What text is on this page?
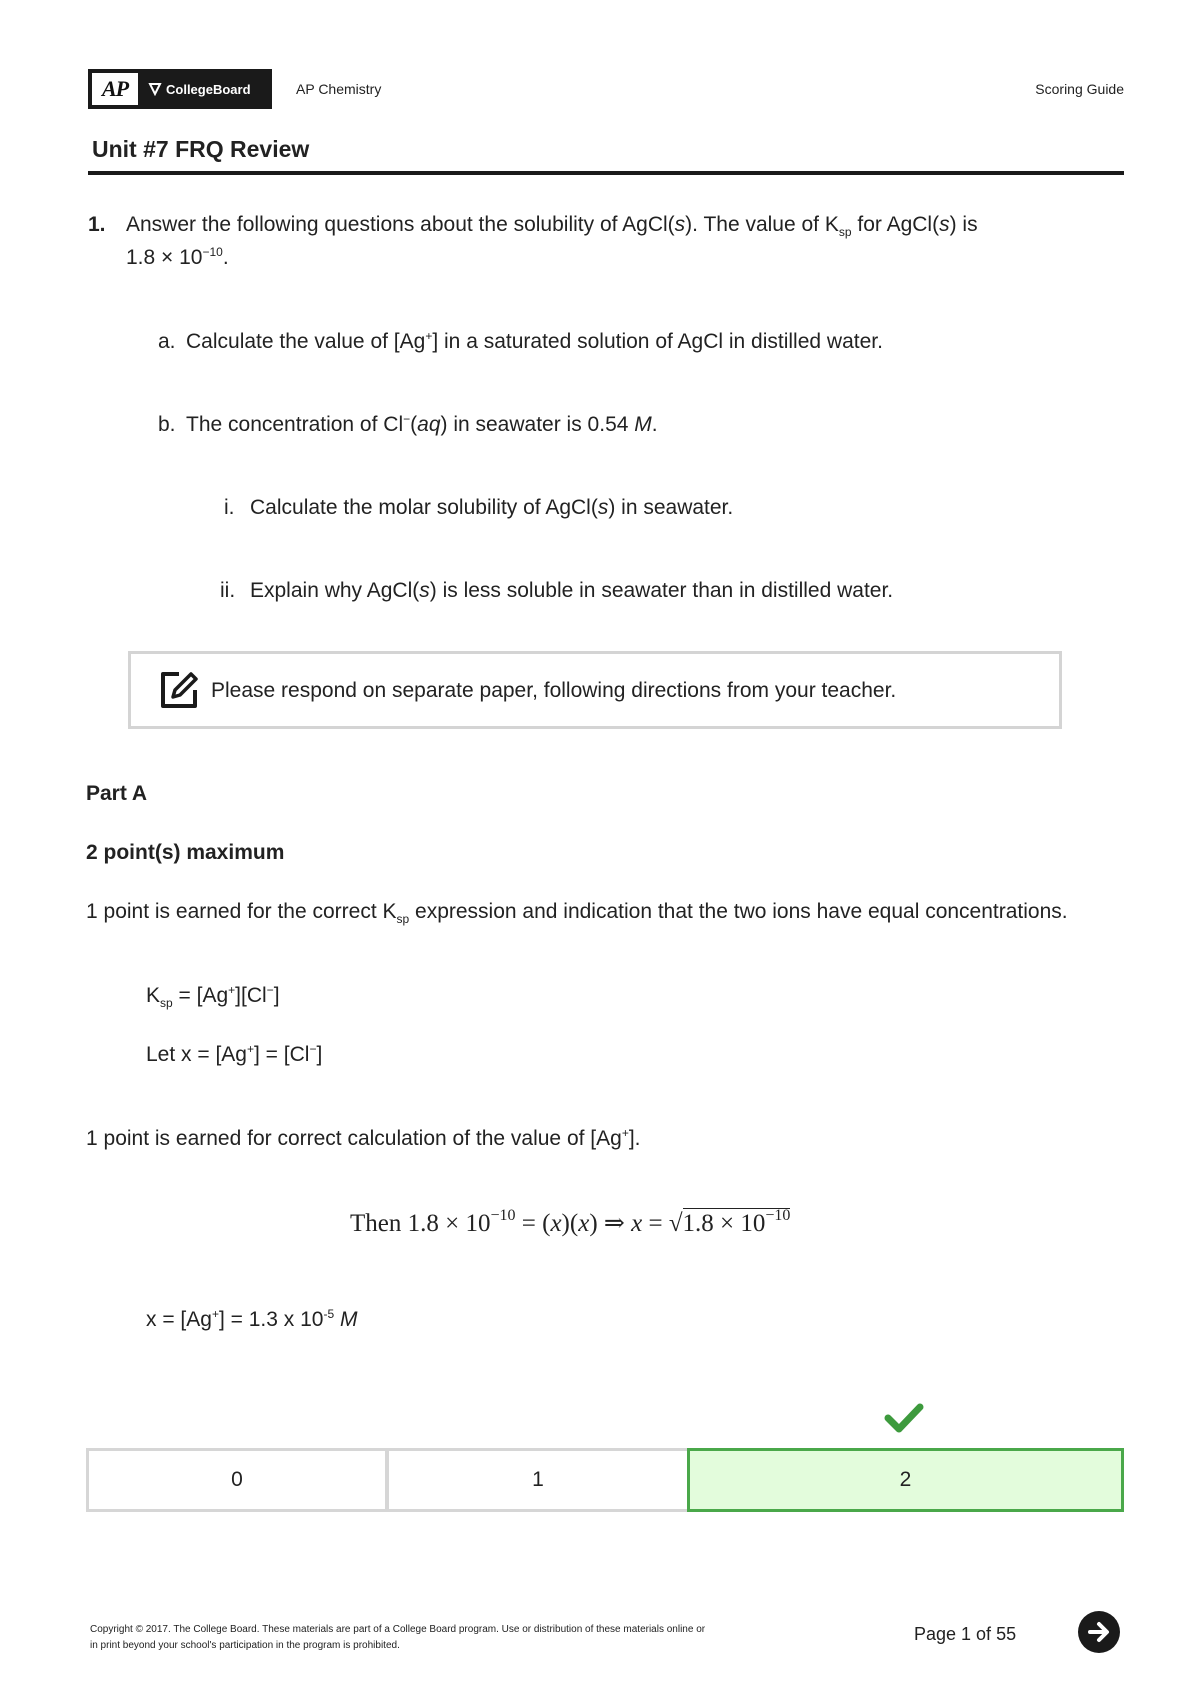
AP	CollegeBoard	AP Chemistry	Scoring Guide
Unit #7 FRQ Review
1. Answer the following questions about the solubility of AgCl(s). The value of $K_{sp}$ for AgCl(s) is
$1.8 \times 10^{-10}$.
a. Calculate the value of [Ag+] in a saturated solution of AgCl in distilled water.
b. The concentration of Cl−(aq) in seawater is 0.54 M.
i. Calculate the molar solubility of AgCl(s) in seawater.
ii. Explain why AgCl(s) is less soluble in seawater than in distilled water.
Please respond on separate paper, following directions from your teacher.
Part A
2 point(s) maximum
1 point is earned for the correct $K_{sp}$ expression and indication that the two ions have equal concentrations.
$K_{sp} = [Ag^+][Cl^-]$
Let x = [Ag+] = [Cl−]
1 point is earned for correct calculation of the value of [Ag+].
Then $1.8 \times 10^{-10} = (x)(x)$ ⇒ $x = √1.8 \times 10^{-10}$
x = [Ag+] = 1.3 x $10^{-5}$ M
0	1	2
Copyright © 2017. The College Board. These materials are part of a College Board program. Use or distribution of these materials online or
in print beyond your school's participation in the program is prohibited.
Page 1 of 55
